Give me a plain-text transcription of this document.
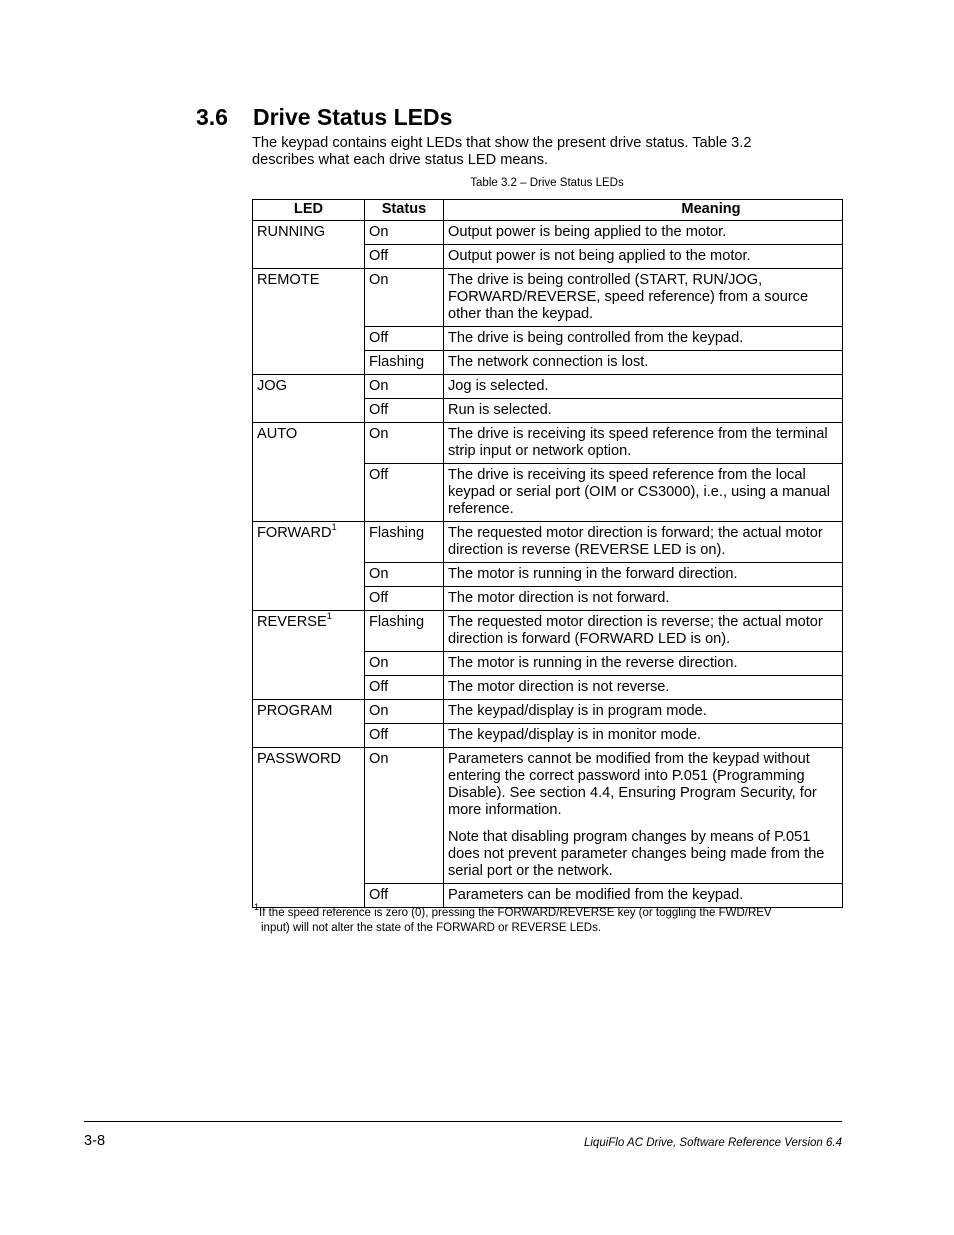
3.6 Drive Status LEDs

The keypad contains eight LEDs that show the present drive status. Table 3.2 describes what each drive status LED means.

Table 3.2 – Drive Status LEDs
LED	Status	Meaning
RUNNING	On	Output power is being applied to the motor.

	Off	Output power is not being applied to the motor.

REMOTE	On	The drive is being controlled (START, RUN/JOG, FORWARD/REVERSE, speed reference) from a source other than the keypad.

	Off	The drive is being controlled from the keypad.

	Flashing	The network connection is lost.

JOG	On	Jog is selected.

	Off	Run is selected.

AUTO	On	The drive is receiving its speed reference from the terminal strip input or network option.

	Off	The drive is receiving its speed reference from the local keypad or serial port (OIM or CS3000), i.e., using a manual reference.

FORWARD$^1$	Flashing	The requested motor direction is forward; the actual motor direction is reverse (REVERSE LED is on).

	On	The motor is running in the forward direction.

	Off	The motor direction is not forward.

REVERSE$^1$	Flashing	The requested motor direction is reverse; the actual motor direction is forward (FORWARD LED is on).

	On	The motor is running in the reverse direction.

	Off	The motor direction is not reverse.

PROGRAM	On	The keypad/display is in program mode.

	Off	The keypad/display is in monitor mode.

PASSWORD	On	Parameters cannot be modified from the keypad without entering the correct password into P.051 (Programming Disable). See section 4.4, Ensuring Program Security, for more information.

Note that disabling program changes by means of P.051 does not prevent parameter changes being made from the serial port or the network.

	Off	Parameters can be modified from the keypad.

$^1$If the speed reference is zero (0), pressing the FORWARD/REVERSE key (or toggling the FWD/REV
input) will not alter the state of the FORWARD or REVERSE LEDs.

3-8	LiquiFlo AC Drive, Software Reference Version 6.4
